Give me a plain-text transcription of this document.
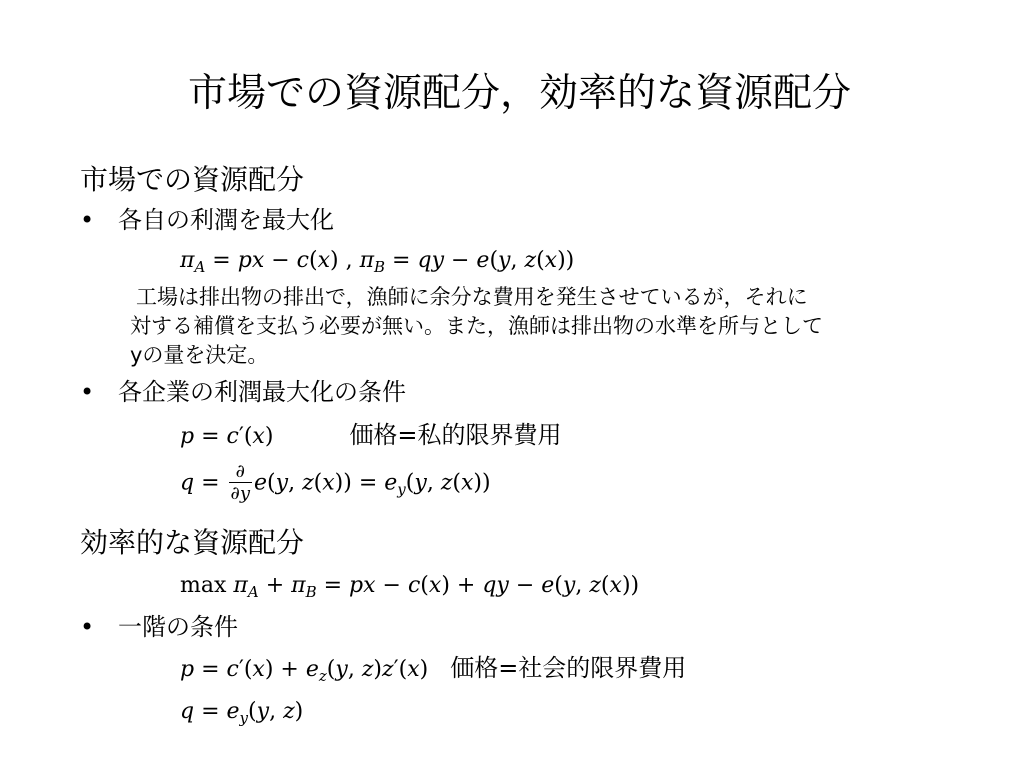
市場での資源配分，効率的な資源配分
市場での資源配分
• 各自の利潤を最大化
$\pi_A$ = px − c(x) , $\pi_B$ = qy − e(y, z(x))
工場は排出物の排出で，漁師に余分な費用を発生させているが，それに
対する補償を支払う必要が無い。また，漁師は排出物の水準を所与として
yの量を決定。
• 各企業の利潤最大化の条件
p = c′(x)	価格=私的限界費用
$q = \frac{\partial}{\partial y} e(y$, $z(x)) = e_y(y$, z(x))
効率的な資源配分
$\max \pi_A + \pi_B$ = px − c(x) + qy − e(y, z(x))
• 一階の条件
$p = c'(x) + e_z(y$, z)z′(x) 価格=社会的限界費用
$q = e_y(y$, z)
